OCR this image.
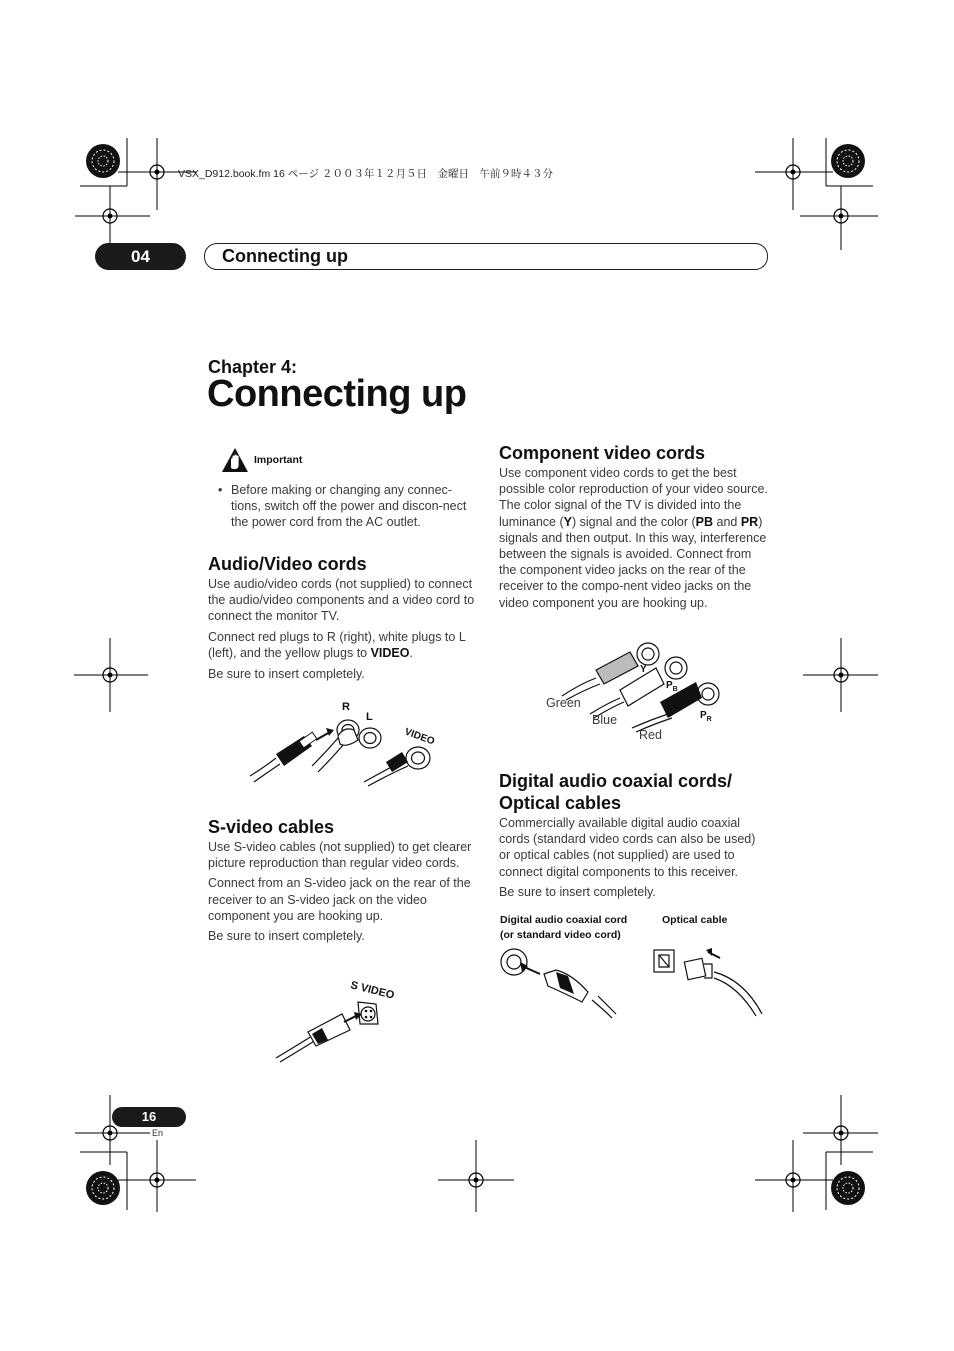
VSX_D912.book.fm 16 ページ ２００３年１２月５日　金曜日　午前９時４３分
04	Connecting up
Chapter 4:
Connecting up
Important
• Before making or changing any connec-tions, switch off the power and discon-nect the power cord from the AC outlet.
Audio/Video cords

Use audio/video cords (not supplied) to connect the audio/video components and a video cord to connect the monitor TV.

Connect red plugs to R (right), white plugs to L (left), and the yellow plugs to VIDEO.

Be sure to insert completely.

R
L
VIDEO
S-video cables

Use S-video cables (not supplied) to get clearer picture reproduction than regular video cords.

Connect from an S-video jack on the rear of the receiver to an S-video jack on the video component you are hooking up.

Be sure to insert completely.

S VIDEO
Component video cords

Use component video cords to get the best possible color reproduction of your video source. The color signal of the TV is divided into the luminance (Y) signal and the color (PB and PR) signals and then output. In this way, interference between the signals is avoided. Connect from the component video jacks on the rear of the receiver to the compo-nent video jacks on the video component you are hooking up.

Y
$P_B$
$P_R$
Green
Blue
Red
Digital audio coaxial cords/
Optical cables

Commercially available digital audio coaxial cords (standard video cords can also be used) or optical cables (not supplied) are used to connect digital components to this receiver.

Be sure to insert completely.

Digital audio coaxial cord
(or standard video cord)
Optical cable
16
En
